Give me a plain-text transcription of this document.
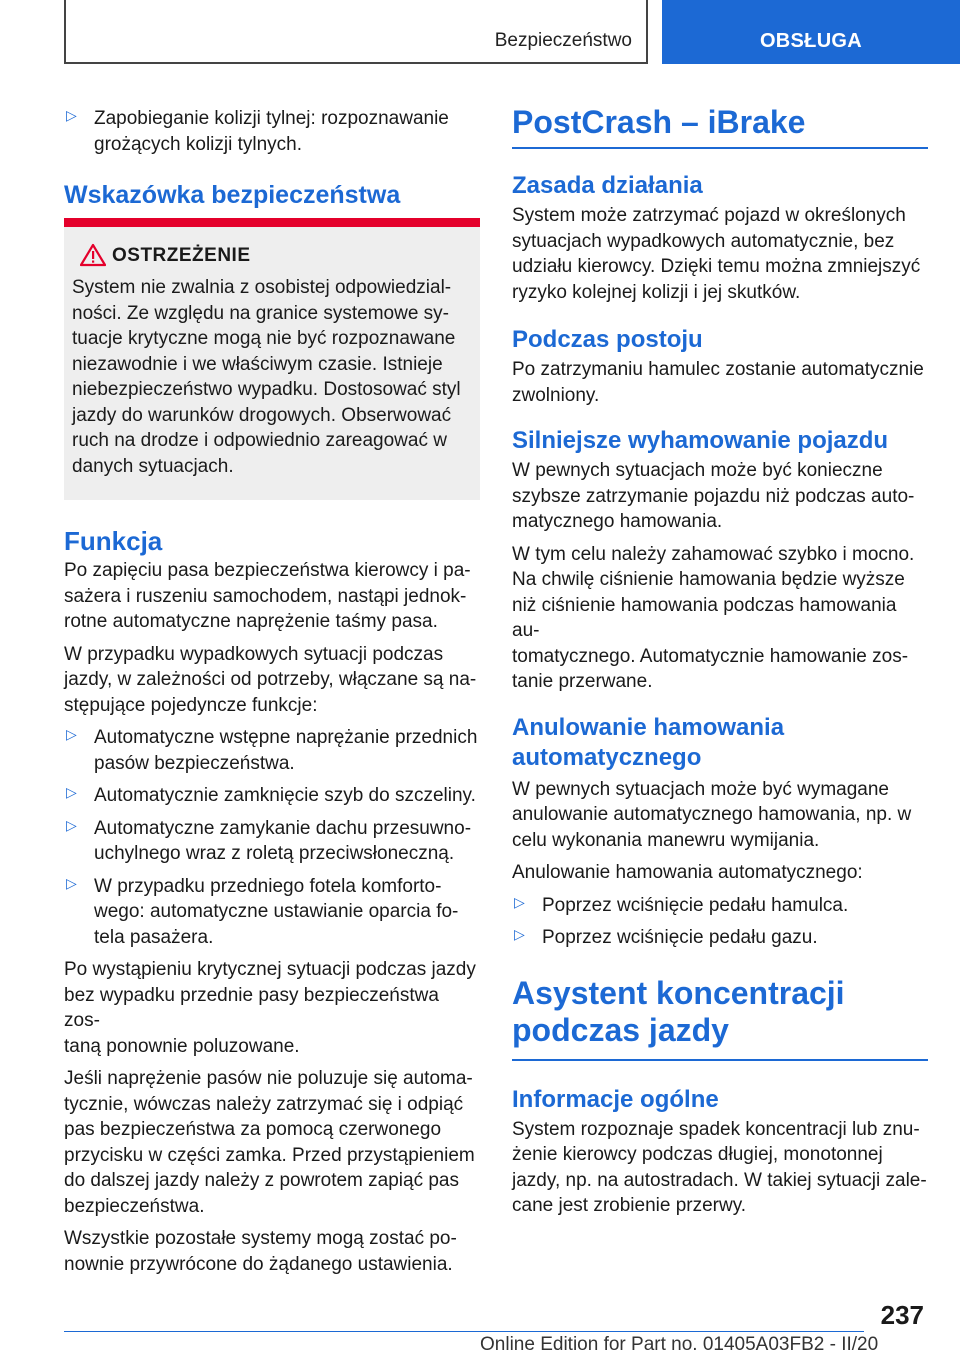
Bezpieczeństwo	OBSŁUGA
▷ Zapobieganie kolizji tylnej: rozpoznawanie grożących kolizji tylnych.

Wskazówka bezpieczeństwa
OSTRZEŻENIE

System nie zwalnia z osobistej odpowiedzial-

ności. Ze względu na granice systemowe sy-

tuacje krytyczne mogą nie być rozpoznawane

niezawodnie i we właściwym czasie. Istnieje

niebezpieczeństwo wypadku. Dostosować styl

jazdy do warunków drogowych. Obserwować

ruch na drodze i odpowiednio zareagować w

danych sytuacjach.

Funkcja

Po zapięciu pasa bezpieczeństwa kierowcy i pa-

sażera i ruszeniu samochodem, nastąpi jednok-

rotne automatyczne naprężenie taśmy pasa.

W przypadku wypadkowych sytuacji podczas

jazdy, w zależności od potrzeby, włączane są na-

stępujące pojedyncze funkcje:

▷ Automatyczne wstępne naprężanie przednich

pasów bezpieczeństwa.

▷ Automatycznie zamknięcie szyb do szczeliny.

▷ Automatyczne zamykanie dachu przesuwno-

uchylnego wraz z roletą przeciwsłoneczną.

▷ W przypadku przedniego fotela komforto-

wego: automatyczne ustawianie oparcia fo-

tela pasażera.

Po wystąpieniu krytycznej sytuacji podczas jazdy

bez wypadku przednie pasy bezpieczeństwa zos-

taną ponownie poluzowane.

Jeśli naprężenie pasów nie poluzuje się automa-

tycznie, wówczas należy zatrzymać się i odpiąć

pas bezpieczeństwa za pomocą czerwonego

przycisku w części zamka. Przed przystąpieniem

do dalszej jazdy należy z powrotem zapiąć pas

bezpieczeństwa.

Wszystkie pozostałe systemy mogą zostać po-

nownie przywrócone do żądanego ustawienia.

PostCrash – iBrake
Zasada działania

System może zatrzymać pojazd w określonych

sytuacjach wypadkowych automatycznie, bez

udziału kierowcy. Dzięki temu można zmniejszyć

ryzyko kolejnej kolizji i jej skutków.

Podczas postoju

Po zatrzymaniu hamulec zostanie automatycznie

zwolniony.

Silniejsze wyhamowanie pojazdu

W pewnych sytuacjach może być konieczne

szybsze zatrzymanie pojazdu niż podczas auto-

matycznego hamowania.

W tym celu należy zahamować szybko i mocno.

Na chwilę ciśnienie hamowania będzie wyższe

niż ciśnienie hamowania podczas hamowania au-

tomatycznego. Automatycznie hamowanie zos-

tanie przerwane.

Anulowanie hamowania
automatycznego

W pewnych sytuacjach może być wymagane

anulowanie automatycznego hamowania, np. w

celu wykonania manewru wymijania.

Anulowanie hamowania automatycznego:

▷ Poprzez wciśnięcie pedału hamulca.

▷ Poprzez wciśnięcie pedału gazu.

Asystent koncentracji
podczas jazdy
Informacje ogólne

System rozpoznaje spadek koncentracji lub znu-

żenie kierowcy podczas długiej, monotonnej

jazdy, np. na autostradach. W takiej sytuacji zale-

cane jest zrobienie przerwy.

237
Online Edition for Part no. 01405A03FB2 - II/20
